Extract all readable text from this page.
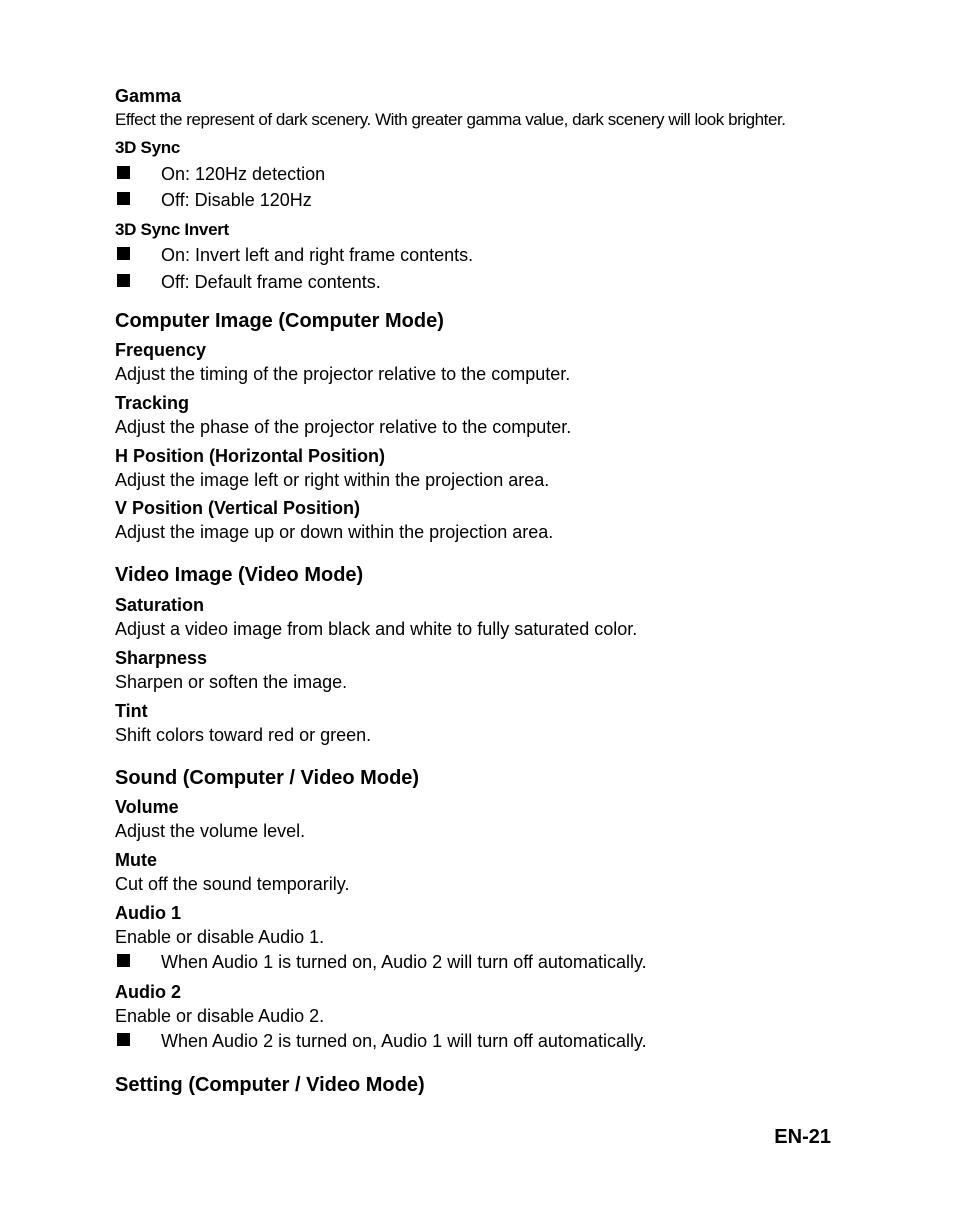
Gamma
Effect the represent of dark scenery. With greater gamma value, dark scenery will look brighter.
3D Sync
On: 120Hz detection
Off: Disable 120Hz
3D Sync Invert
On: Invert left and right frame contents.
Off: Default frame contents.
Computer Image (Computer Mode)
Frequency
Adjust the timing of the projector relative to the computer.
Tracking
Adjust the phase of the projector relative to the computer.
H Position (Horizontal Position)
Adjust the image left or right within the projection area.
V Position (Vertical Position)
Adjust the image up or down within the projection area.
Video Image (Video Mode)
Saturation
Adjust a video image from black and white to fully saturated color.
Sharpness
Sharpen or soften the image.
Tint
Shift colors toward red or green.
Sound (Computer / Video Mode)
Volume
Adjust the volume level.
Mute
Cut off the sound temporarily.
Audio 1
Enable or disable Audio 1.
When Audio 1 is turned on, Audio 2 will turn off automatically.
Audio 2
Enable or disable Audio 2.
When Audio 2 is turned on, Audio 1 will turn off automatically.
Setting (Computer / Video Mode)
EN-21
